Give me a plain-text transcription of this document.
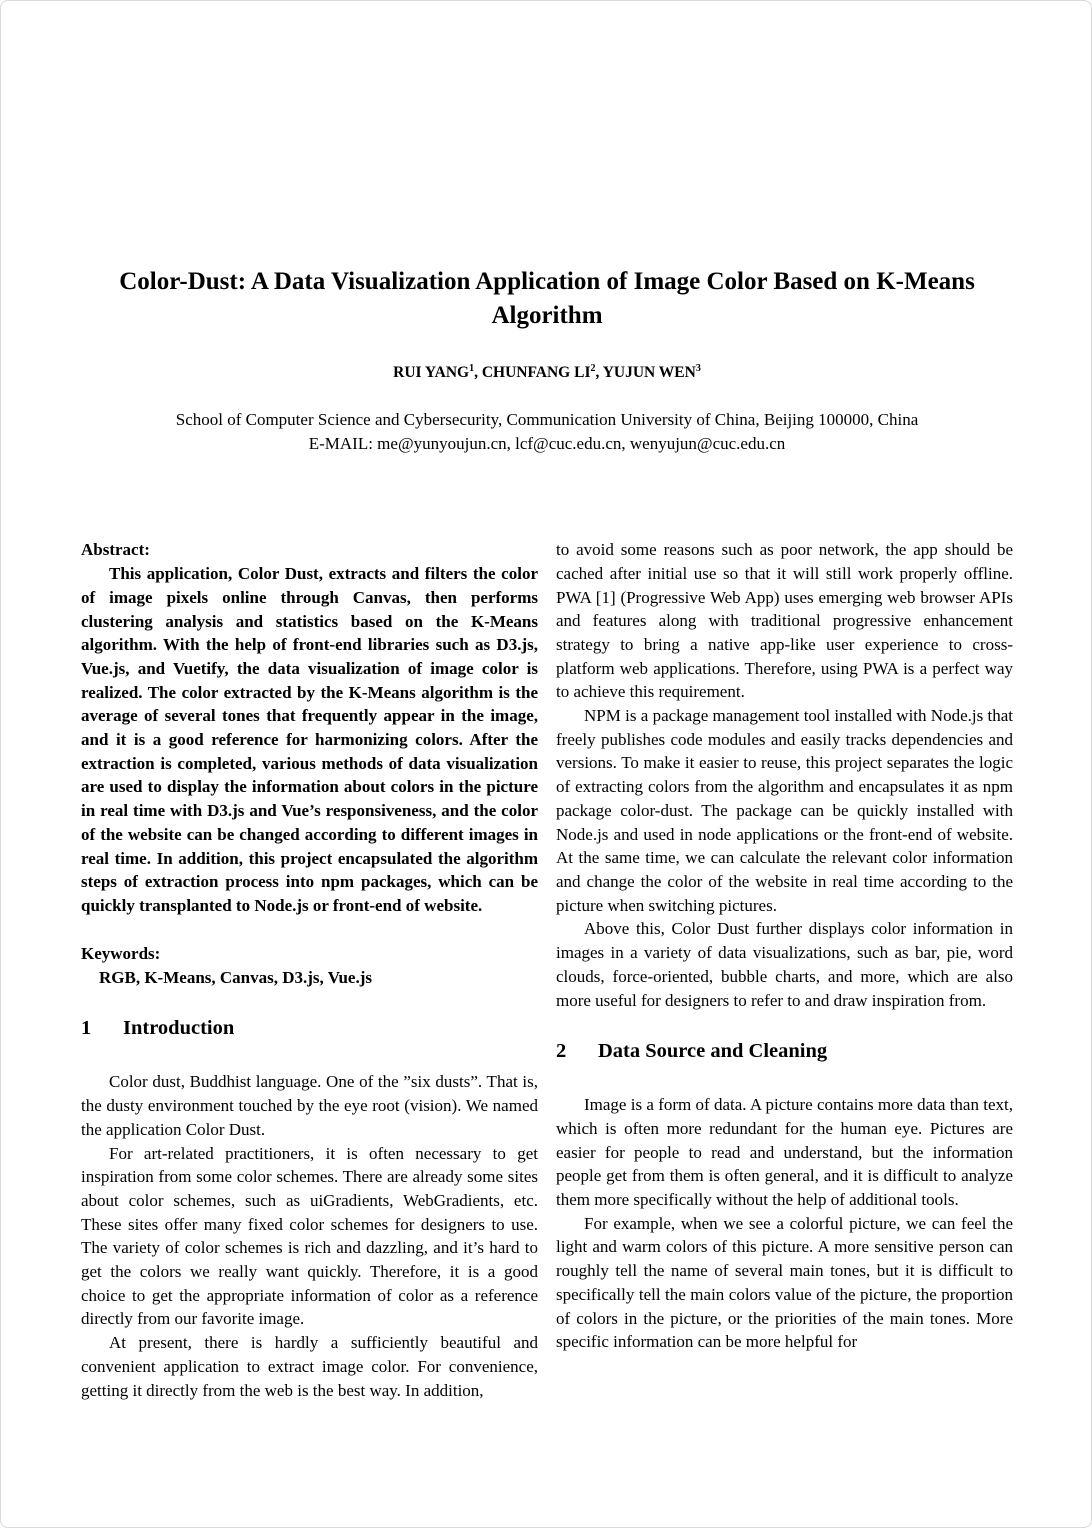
Color-Dust: A Data Visualization Application of Image Color Based on K-Means
Algorithm
RUI YANG$^1$, CHUNFANG $LI^2$, YUJUN WEN$^3$
School of Computer Science and Cybersecurity, Communication University of China, Beijing 100000, China
E-MAIL: me@yunyoujun.cn, lcf@cuc.edu.cn, wenyujun@cuc.edu.cn
Abstract:

This application, Color Dust, extracts and filters the color of image pixels online through Canvas, then performs clustering analysis and statistics based on the K-Means algorithm. With the help of front-end libraries such as D3.js, Vue.js, and Vuetify, the data visualization of image color is realized. The color extracted by the K-Means algorithm is the average of several tones that frequently appear in the image, and it is a good reference for harmonizing colors. After the extraction is completed, various methods of data visualization are used to display the information about colors in the picture in real time with D3.js and Vue’s responsiveness, and the color of the website can be changed according to different images in real time. In addition, this project encapsulated the algorithm steps of extraction process into npm packages, which can be quickly transplanted to Node.js or front-end of website.

Keywords:

RGB, K-Means, Canvas, D3.js, Vue.js

1 Introduction

Color dust, Buddhist language. One of the ”six dusts”. That is, the dusty environment touched by the eye root (vision). We named the application Color Dust.

For art-related practitioners, it is often necessary to get inspiration from some color schemes. There are already some sites about color schemes, such as uiGradients, WebGradients, etc. These sites offer many fixed color schemes for designers to use. The variety of color schemes is rich and dazzling, and it’s hard to get the colors we really want quickly. Therefore, it is a good choice to get the appropriate information of color as a reference directly from our favorite image.

At present, there is hardly a sufficiently beautiful and convenient application to extract image color. For convenience, getting it directly from the web is the best way. In addition,

to avoid some reasons such as poor network, the app should be cached after initial use so that it will still work properly offline. PWA [1] (Progressive Web App) uses emerging web browser APIs and features along with traditional progressive enhancement strategy to bring a native app-like user experience to cross-platform web applications. Therefore, using PWA is a perfect way to achieve this requirement.

NPM is a package management tool installed with Node.js that freely publishes code modules and easily tracks dependencies and versions. To make it easier to reuse, this project separates the logic of extracting colors from the algorithm and encapsulates it as npm package color-dust. The package can be quickly installed with Node.js and used in node applications or the front-end of website. At the same time, we can calculate the relevant color information and change the color of the website in real time according to the picture when switching pictures.

Above this, Color Dust further displays color information in images in a variety of data visualizations, such as bar, pie, word clouds, force-oriented, bubble charts, and more, which are also more useful for designers to refer to and draw inspiration from.

2 Data Source and Cleaning

Image is a form of data. A picture contains more data than text, which is often more redundant for the human eye. Pictures are easier for people to read and understand, but the information people get from them is often general, and it is difficult to analyze them more specifically without the help of additional tools.

For example, when we see a colorful picture, we can feel the light and warm colors of this picture. A more sensitive person can roughly tell the name of several main tones, but it is difficult to specifically tell the main colors value of the picture, the proportion of colors in the picture, or the priorities of the main tones. More specific information can be more helpful for
